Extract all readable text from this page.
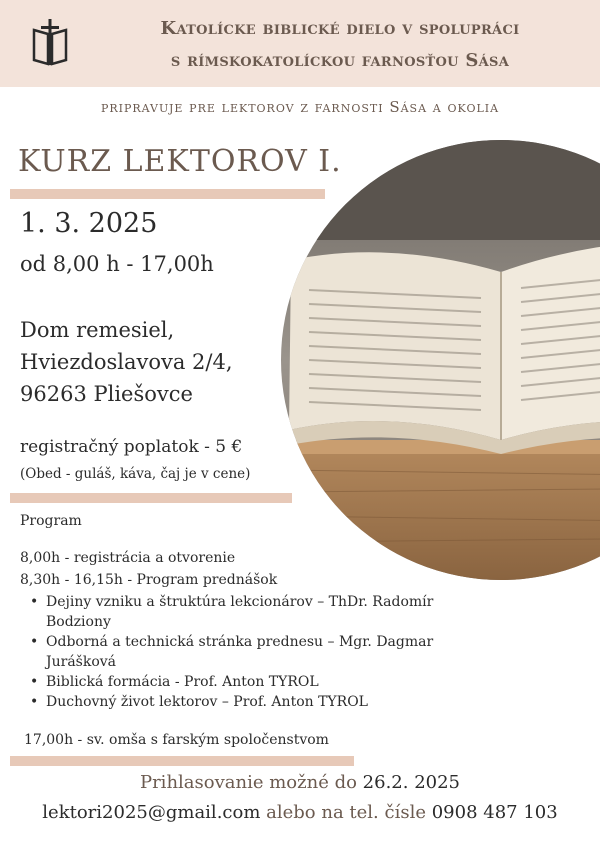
Katolícke biblické dielo v spolupráci
s rímskokatolíckou farnosťou Sása
pripravuje pre lektorov z farnosti Sása a okolia
KURZ LEKTOROV I.
1. 3. 2025
od 8,00 h - 17,00h
Dom remesiel,
Hviezdoslavova 2/4,
96263 Pliešovce
registračný poplatok - 5 €
(Obed - guláš, káva, čaj je v cene)
Program
8,00h - registrácia a otvorenie
8,30h - 16,15h - Program prednášok
• Dejiny vzniku a štruktúra lekcionárov – ThDr. Radomír Bodziony
• Odborná a technická stránka prednesu – Mgr. Dagmar Jurášková
• Biblická formácia - Prof. Anton TYROL
• Duchovný život lektorov – Prof. Anton TYROL
17,00h - sv. omša s farským spoločenstvom
Prihlasovanie možné do 26.2. 2025
lektori2025@gmail.com alebo na tel. čísle 0908 487 103
